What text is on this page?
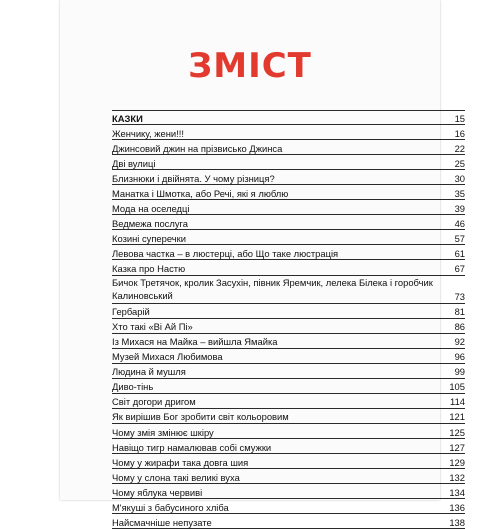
ЗМІСТ
КАЗКИ	15
Женчику, жени!!!	16
Джинсовий джин на прізвисько Джинса	22
Дві вулиці	25
Близнюки і двійнята. У чому різниця?	30
Манатка і Шмотка, або Речі, які я люблю	35
Мода на оселедці	39
Ведмежа послуга	46
Козині суперечки	57
Левова частка – в люстерці, або Що таке люстрація	61
Казка про Настю	67
Бичок Третячок, кролик Засухін, півник Яремчик, лелека Білека і горобчик Калиновський	73
Гербарій	81
Хто такі «Ві Ай Пі»	86
Із Михася на Майка – вийшла Ямайка	92
Музей Михася Любимова	96
Людина й мушля	99
Диво-тінь	105
Світ догори дригом	114
Як вирішив Бог зробити світ кольоровим	121
Чому змія змінює шкіру	125
Навіщо тигр намалював собі смужки	127
Чому у жирафи така довга шия	129
Чому у слона такі великі вуха	132
Чому яблука червиві	134
М'якуші з бабусиного хліба	136
Найсмачніше непузате	138
